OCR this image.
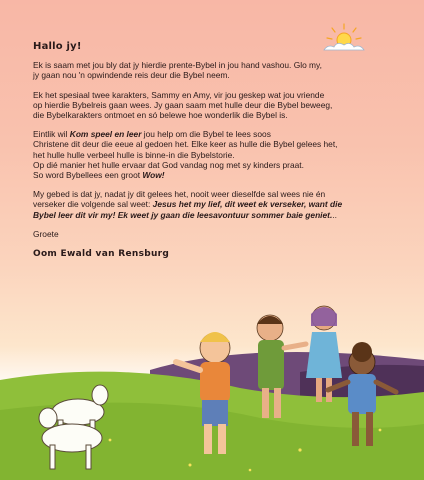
Hallo jy!
Ek is saam met jou bly dat jy hierdie prente-Bybel in jou hand vashou. Glo my,
jy gaan nou 'n opwindende reis deur die Bybel neem.
Ek het spesiaal twee karakters, Sammy en Amy, vir jou geskep wat jou vriende
op hierdie Bybelreis gaan wees. Jy gaan saam met hulle deur die Bybel beweeg,
die Bybelkarakters ontmoet en só belewe hoe wonderlik die Bybel is.
Eintlik wil Kom speel en leer jou help om die Bybel te lees soos
Christene dit deur die eeue al gedoen het. Elke keer as hulle die Bybel gelees het,
het hulle hulle verbeel hulle is binne-in die Bybelstorie.
Op dié manier het hulle ervaar dat God vandag nog met sy kinders praat.
So word Bybellees een groot Wow!
My gebed is dat jy, nadat jy dit gelees het, nooit weer dieselfde sal wees nie én
verseker die volgende sal weet: Jesus het my lief, dit weet ek verseker, want die
Bybel leer dit vir my! Ek weet jy gaan die leesavontuur sommer baie geniet...
Groete
Oom Ewald van Rensburg
